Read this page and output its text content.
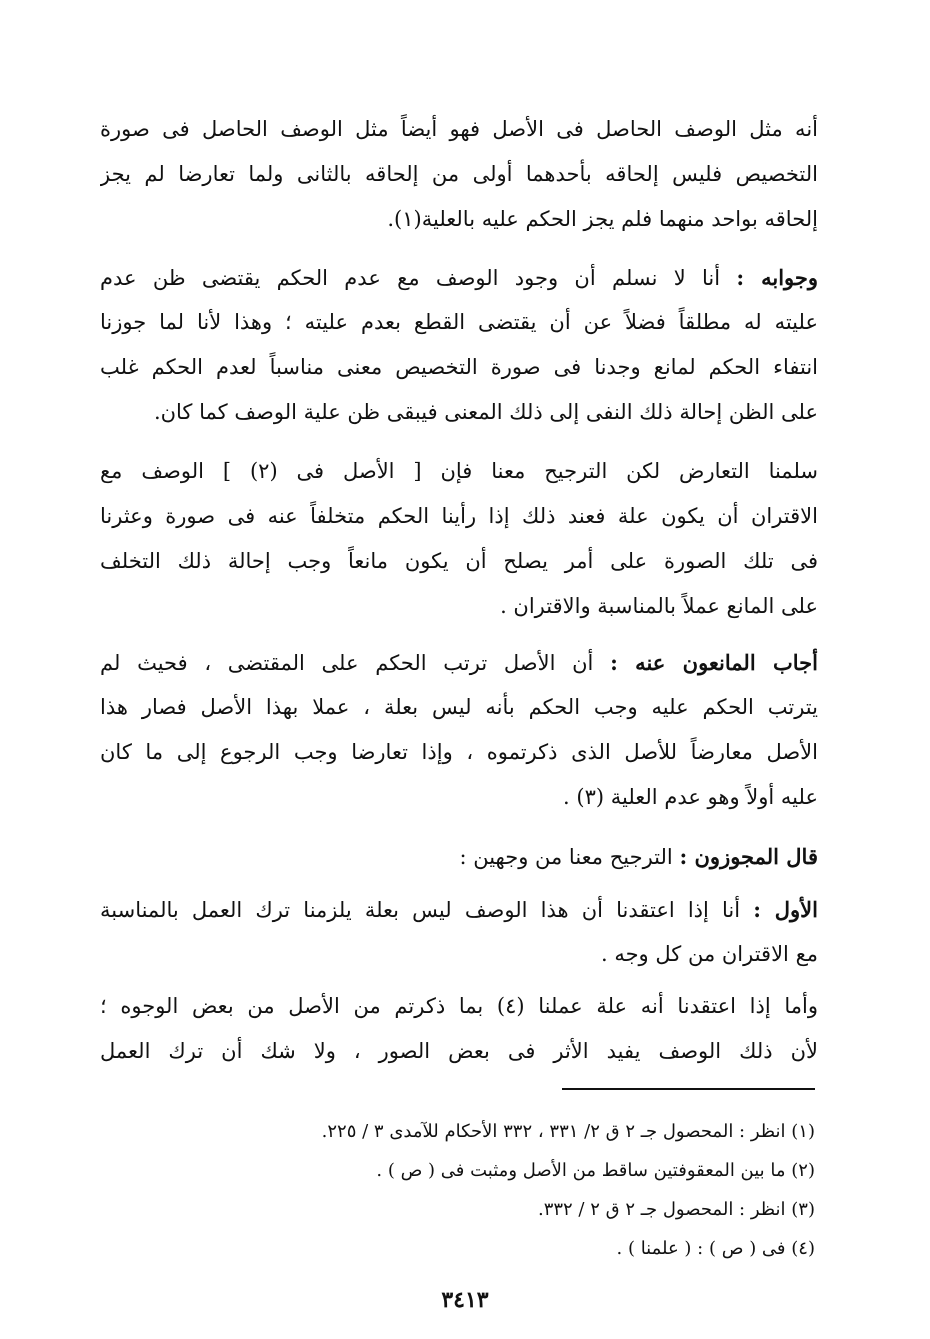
أنه مثل الوصف الحاصل فى الأصل فهو أيضاً مثل الوصف الحاصل فى صورة
التخصيص فليس إلحاقه بأحدهما أولى من إلحاقه بالثانى ولما تعارضا لم يجز
إلحاقه بواحد منهما فلم يجز الحكم عليه بالعلية(١).
وجوابه : أنا لا نسلم أن وجود الوصف مع عدم الحكم يقتضى ظن عدم
عليته له مطلقاً فضلاً عن أن يقتضى القطع بعدم عليته ؛ وهذا لأنا لما جوزنا
انتفاء الحكم لمانع وجدنا فى صورة التخصيص معنى مناسباً لعدم الحكم غلب
على الظن إحالة ذلك النفى إلى ذلك المعنى فيبقى ظن علية الوصف كما كان.
سلمنا التعارض لكن الترجيح معنا فإن [ الأصل فى (٢) ] الوصف مع
الاقتران أن يكون علة فعند ذلك إذا رأينا الحكم متخلفاً عنه فى صورة وعثرنا
فى تلك الصورة على أمر يصلح أن يكون مانعاً وجب إحالة ذلك التخلف
على المانع عملاً بالمناسبة والاقتران .
أجاب المانعون عنه : أن الأصل ترتب الحكم على المقتضى ، فحيث لم
يترتب الحكم عليه وجب الحكم بأنه ليس بعلة ، عملا بهذا الأصل فصار هذا
الأصل معارضاً للأصل الذى ذكرتموه ، وإذا تعارضا وجب الرجوع إلى ما كان
عليه أولاً وهو عدم العلية (٣) .
قال المجوزون : الترجيح معنا من وجهين :
الأول : أنا إذا اعتقدنا أن هذا الوصف ليس بعلة يلزمنا ترك العمل بالمناسبة
مع الاقتران من كل وجه .
وأما إذا اعتقدنا أنه علة عملنا (٤) بما ذكرتم من الأصل من بعض الوجوه ؛
لأن ذلك الوصف يفيد الأثر فى بعض الصور ، ولا شك أن ترك العمل
(١) انظر : المحصول جـ ٢ ق ٢/ ٣٣١ ، ٣٣٢ الأحكام للآمدى ٣ / ٢٢٥.
(٢) ما بين المعقوفتين ساقط من الأصل ومثبت فى ( ص ) .
(٣) انظر : المحصول جـ ٢ ق ٢ / ٣٣٢.
(٤) فى ( ص ) : ( علمنا ) .
٣٤١٣
